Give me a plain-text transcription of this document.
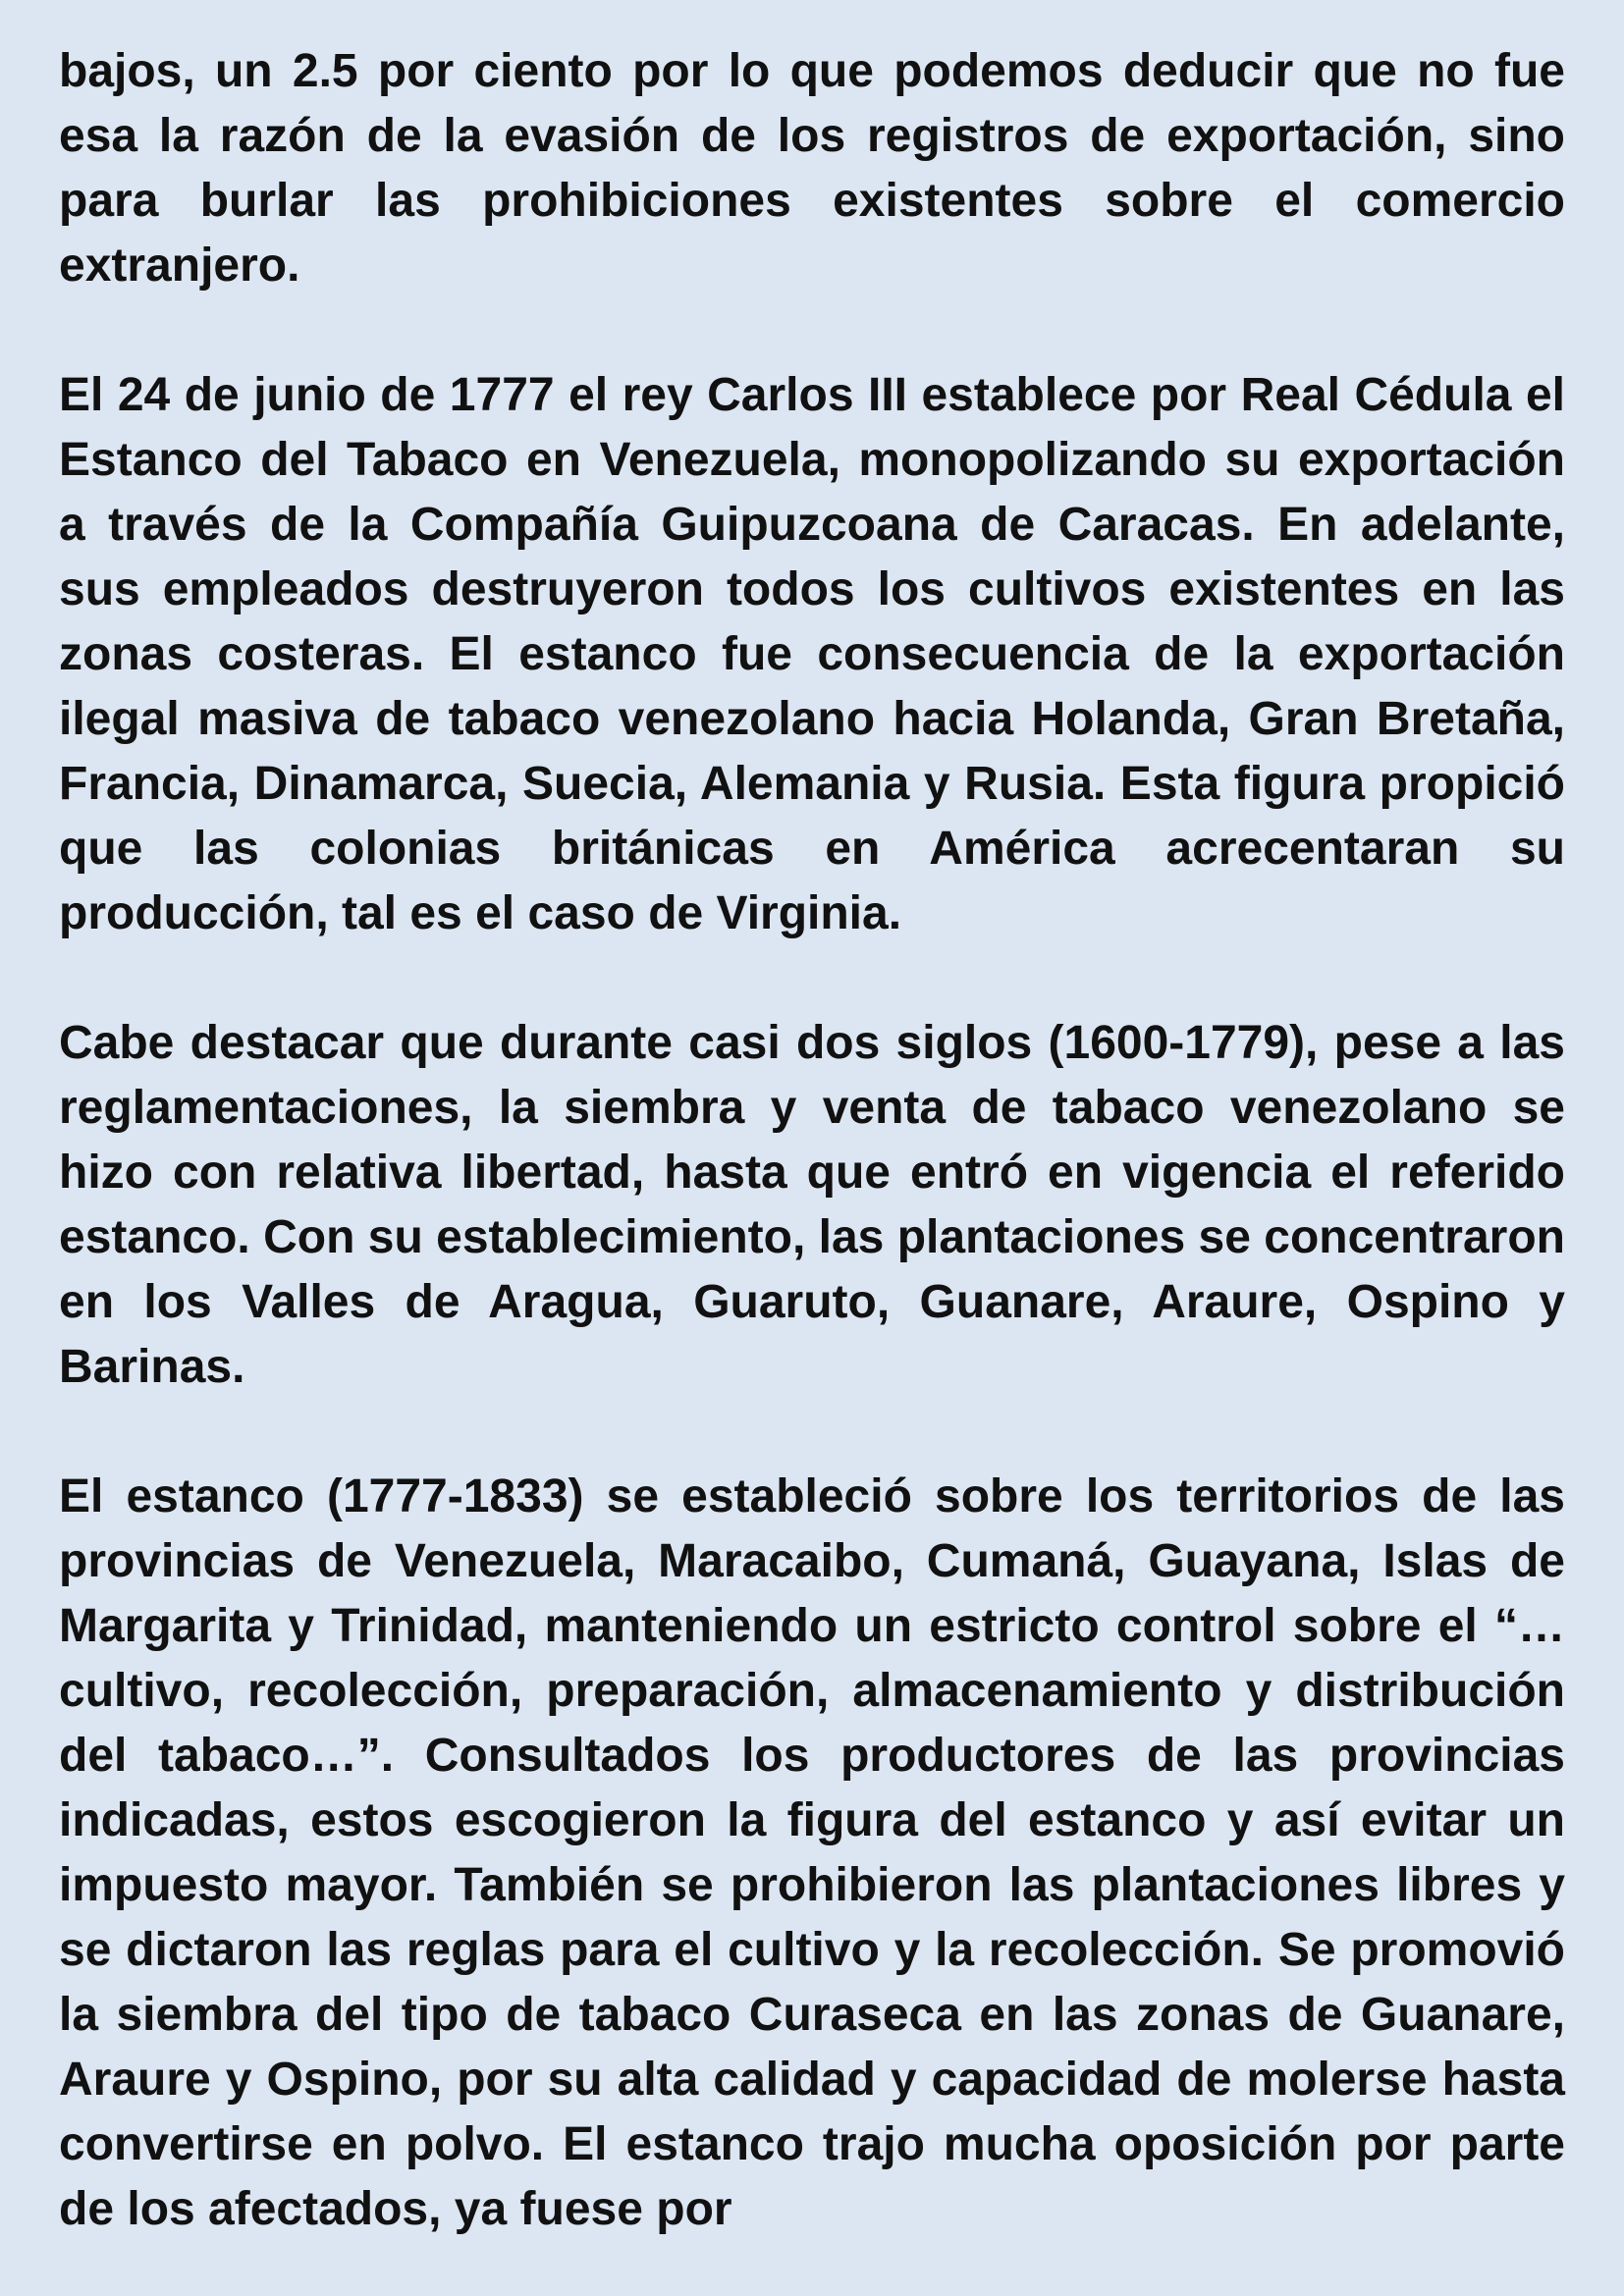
bajos, un 2.5 por ciento por lo que podemos deducir que no fue esa la razón de la evasión de los registros de exportación, sino para burlar las prohibiciones existentes sobre el comercio extranjero.

El 24 de junio de 1777 el rey Carlos III establece por Real Cédula el Estanco del Tabaco en Venezuela, monopolizando su exportación a través de la Compañía Guipuzcoana de Caracas. En adelante, sus empleados destruyeron todos los cultivos existentes en las zonas costeras. El estanco fue consecuencia de la exportación ilegal masiva de tabaco venezolano hacia Holanda, Gran Bretaña, Francia, Dinamarca, Suecia, Alemania y Rusia. Esta figura propició que las colonias británicas en América acrecentaran su producción, tal es el caso de Virginia.

Cabe destacar que durante casi dos siglos (1600-1779), pese a las reglamentaciones, la siembra y venta de tabaco venezolano se hizo con relativa libertad, hasta que entró en vigencia el referido estanco. Con su establecimiento, las plantaciones se concentraron en los Valles de Aragua, Guaruto, Guanare, Araure, Ospino y Barinas.

El estanco (1777-1833) se estableció sobre los territorios de las provincias de Venezuela, Maracaibo, Cumaná, Guayana, Islas de Margarita y Trinidad, manteniendo un estricto control sobre el “…cultivo, recolección, preparación, almacenamiento y distribución del tabaco…”. Consultados los productores de las provincias indicadas, estos escogieron la figura del estanco y así evitar un impuesto mayor. También se prohibieron las plantaciones libres y se dictaron las reglas para el cultivo y la recolección. Se promovió la siembra del tipo de tabaco Curaseca en las zonas de Guanare, Araure y Ospino, por su alta calidad y capacidad de molerse hasta convertirse en polvo. El estanco trajo mucha oposición por parte de los afectados, ya fuese por
